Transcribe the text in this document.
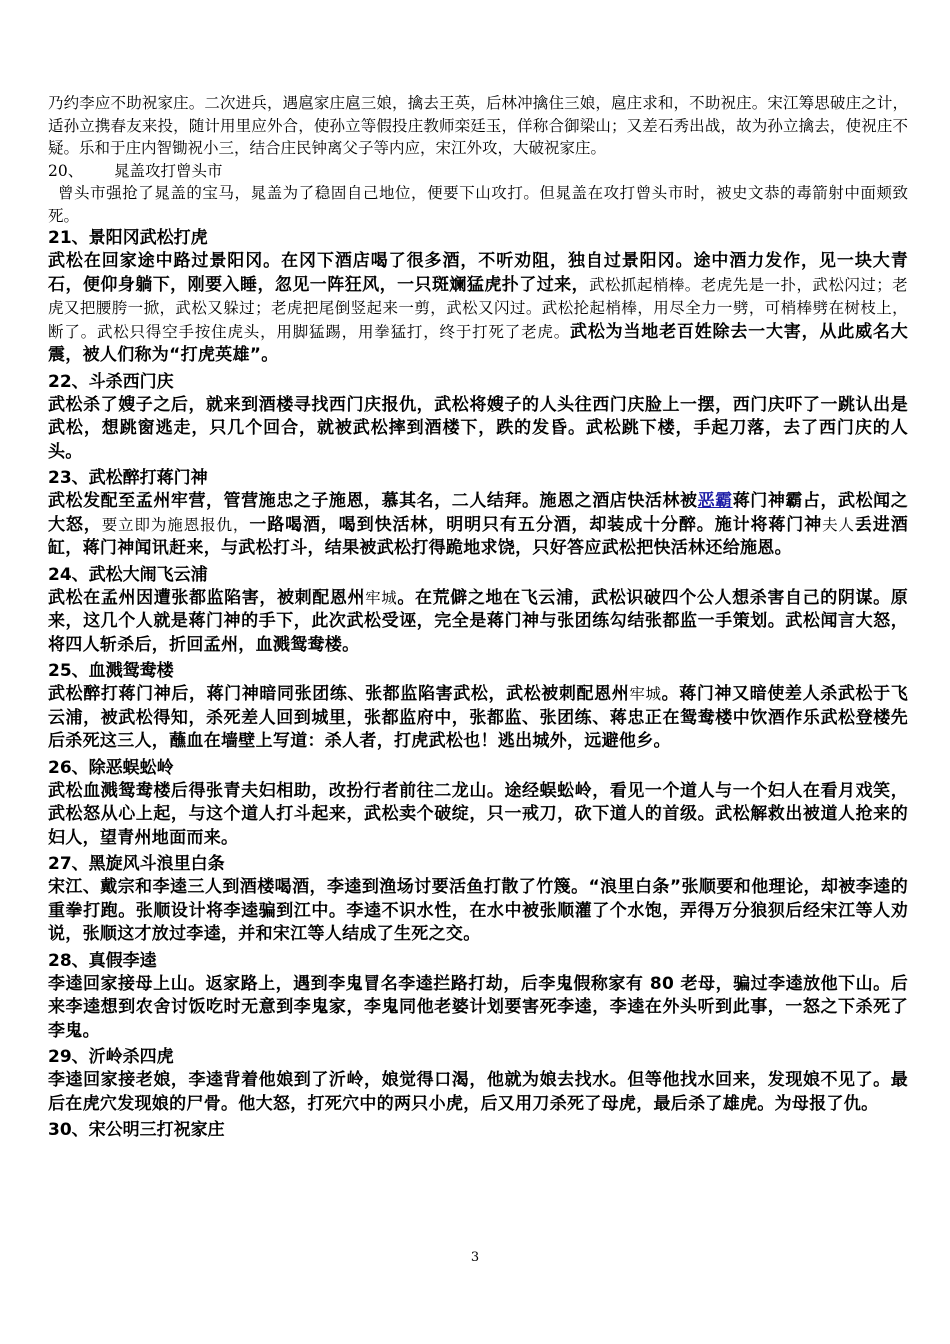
乃约李应不助祝家庄。二次进兵，遇扈家庄扈三娘，擒去王英，后林冲擒住三娘，扈庄求和，不助祝庄。宋江筹思破庄之计，适孙立携春友来投，随计用里应外合，使孙立等假投庄教师栾廷玉，佯称合御梁山；又差石秀出战，故为孙立擒去，使祝庄不疑。乐和于庄内智锄祝小三，结合庄民钟离父子等内应，宋江外攻，大破祝家庄。

20、 晁盖攻打曾头市

曾头市强抢了晁盖的宝马，晁盖为了稳固自己地位，便要下山攻打。但晁盖在攻打曾头市时，被史文恭的毒箭射中面颊致死。

21、景阳冈武松打虎

武松在回家途中路过景阳冈。在冈下酒店喝了很多酒，不听劝阻，独自过景阳冈。途中酒力发作，见一块大青石，便仰身躺下，刚要入睡，忽见一阵狂风，一只斑斓猛虎扑了过来，武松抓起梢棒。老虎先是一扑，武松闪过；老虎又把腰胯一掀，武松又躲过；老虎把尾倒竖起来一剪，武松又闪过。武松抡起梢棒，用尽全力一劈，可梢棒劈在树枝上，断了。武松只得空手按住虎头，用脚猛踢，用拳猛打，终于打死了老虎。武松为当地老百姓除去一大害，从此威名大震，被人们称为“打虎英雄”。

22、斗杀西门庆

武松杀了嫂子之后，就来到酒楼寻找西门庆报仇，武松将嫂子的人头往西门庆脸上一摆，西门庆吓了一跳认出是武松，想跳窗逃走，只几个回合，就被武松摔到酒楼下，跌的发昏。武松跳下楼，手起刀落，去了西门庆的人头。

23、武松醉打蒋门神

武松发配至孟州牢营，管营施忠之子施恩，慕其名，二人结拜。施恩之酒店快活林被恶霸蒋门神霸占，武松闻之大怒，要立即为施恩报仇，一路喝酒，喝到快活林，明明只有五分酒，却装成十分醉。施计将蒋门神夫人丢进酒缸，蒋门神闻讯赶来，与武松打斗，结果被武松打得跪地求饶，只好答应武松把快活林还给施恩。

24、武松大闹飞云浦

武松在孟州因遭张都监陷害，被刺配恩州牢城。在荒僻之地在飞云浦，武松识破四个公人想杀害自己的阴谋。原来，这几个人就是蒋门神的手下，此次武松受诬，完全是蒋门神与张团练勾结张都监一手策划。武松闻言大怒，将四人斩杀后，折回孟州，血溅鸳鸯楼。

25、血溅鸳鸯楼

武松醉打蒋门神后，蒋门神暗同张团练、张都监陷害武松，武松被刺配恩州牢城。蒋门神又暗使差人杀武松于飞云浦，被武松得知，杀死差人回到城里，张都监府中，张都监、张团练、蒋忠正在鸳鸯楼中饮酒作乐武松登楼先后杀死这三人，蘸血在墙壁上写道：杀人者，打虎武松也！逃出城外，远避他乡。

26、除恶蜈蚣岭

武松血溅鸳鸯楼后得张青夫妇相助，改扮行者前往二龙山。途经蜈蚣岭，看见一个道人与一个妇人在看月戏笑，武松怒从心上起，与这个道人打斗起来，武松卖个破绽，只一戒刀，砍下道人的首级。武松解救出被道人抢来的妇人，望青州地面而来。

27、黑旋风斗浪里白条

宋江、戴宗和李逵三人到酒楼喝酒，李逵到渔场讨要活鱼打散了竹篾。“浪里白条”张顺要和他理论，却被李逵的重拳打跑。张顺设计将李逵骗到江中。李逵不识水性，在水中被张顺灌了个水饱，弄得万分狼狈后经宋江等人劝说，张顺这才放过李逵，并和宋江等人结成了生死之交。

28、真假李逵

李逵回家接母上山。返家路上，遇到李鬼冒名李逵拦路打劫，后李鬼假称家有 80 老母，骗过李逵放他下山。后来李逵想到农舍讨饭吃时无意到李鬼家，李鬼同他老婆计划要害死李逵，李逵在外头听到此事，一怒之下杀死了李鬼。

29、沂岭杀四虎

李逵回家接老娘，李逵背着他娘到了沂岭，娘觉得口渴，他就为娘去找水。但等他找水回来，发现娘不见了。最后在虎穴发现娘的尸骨。他大怒，打死穴中的两只小虎，后又用刀杀死了母虎，最后杀了雄虎。为母报了仇。

30、宋公明三打祝家庄
3
